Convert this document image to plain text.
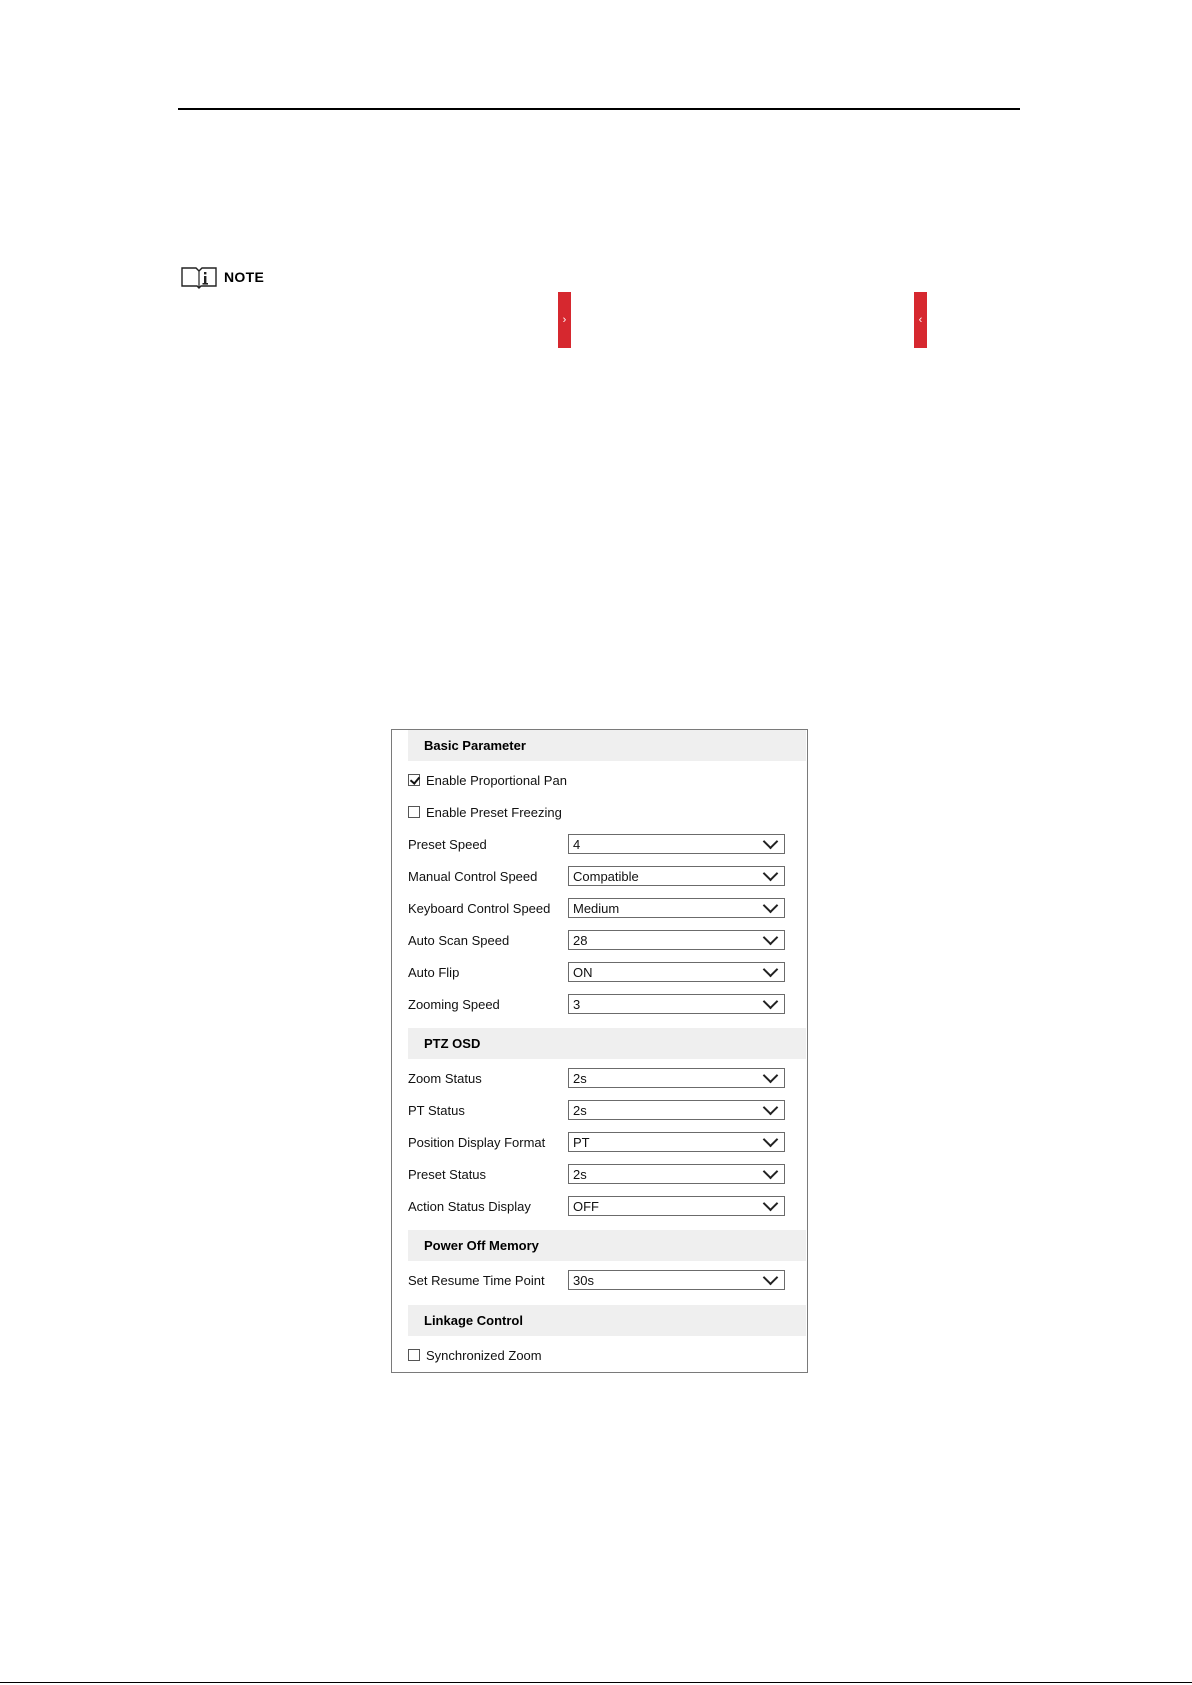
NOTE
›	‹
Basic Parameter
Enable Proportional Pan
Enable Preset Freezing
Preset Speed	4
Manual Control Speed	Compatible
Keyboard Control Speed	Medium
Auto Scan Speed	28
Auto Flip	ON
Zooming Speed	3
PTZ OSD
Zoom Status	2s
PT Status	2s
Position Display Format	PT
Preset Status	2s
Action Status Display	OFF
Power Off Memory
Set Resume Time Point	30s
Linkage Control
Synchronized Zoom
